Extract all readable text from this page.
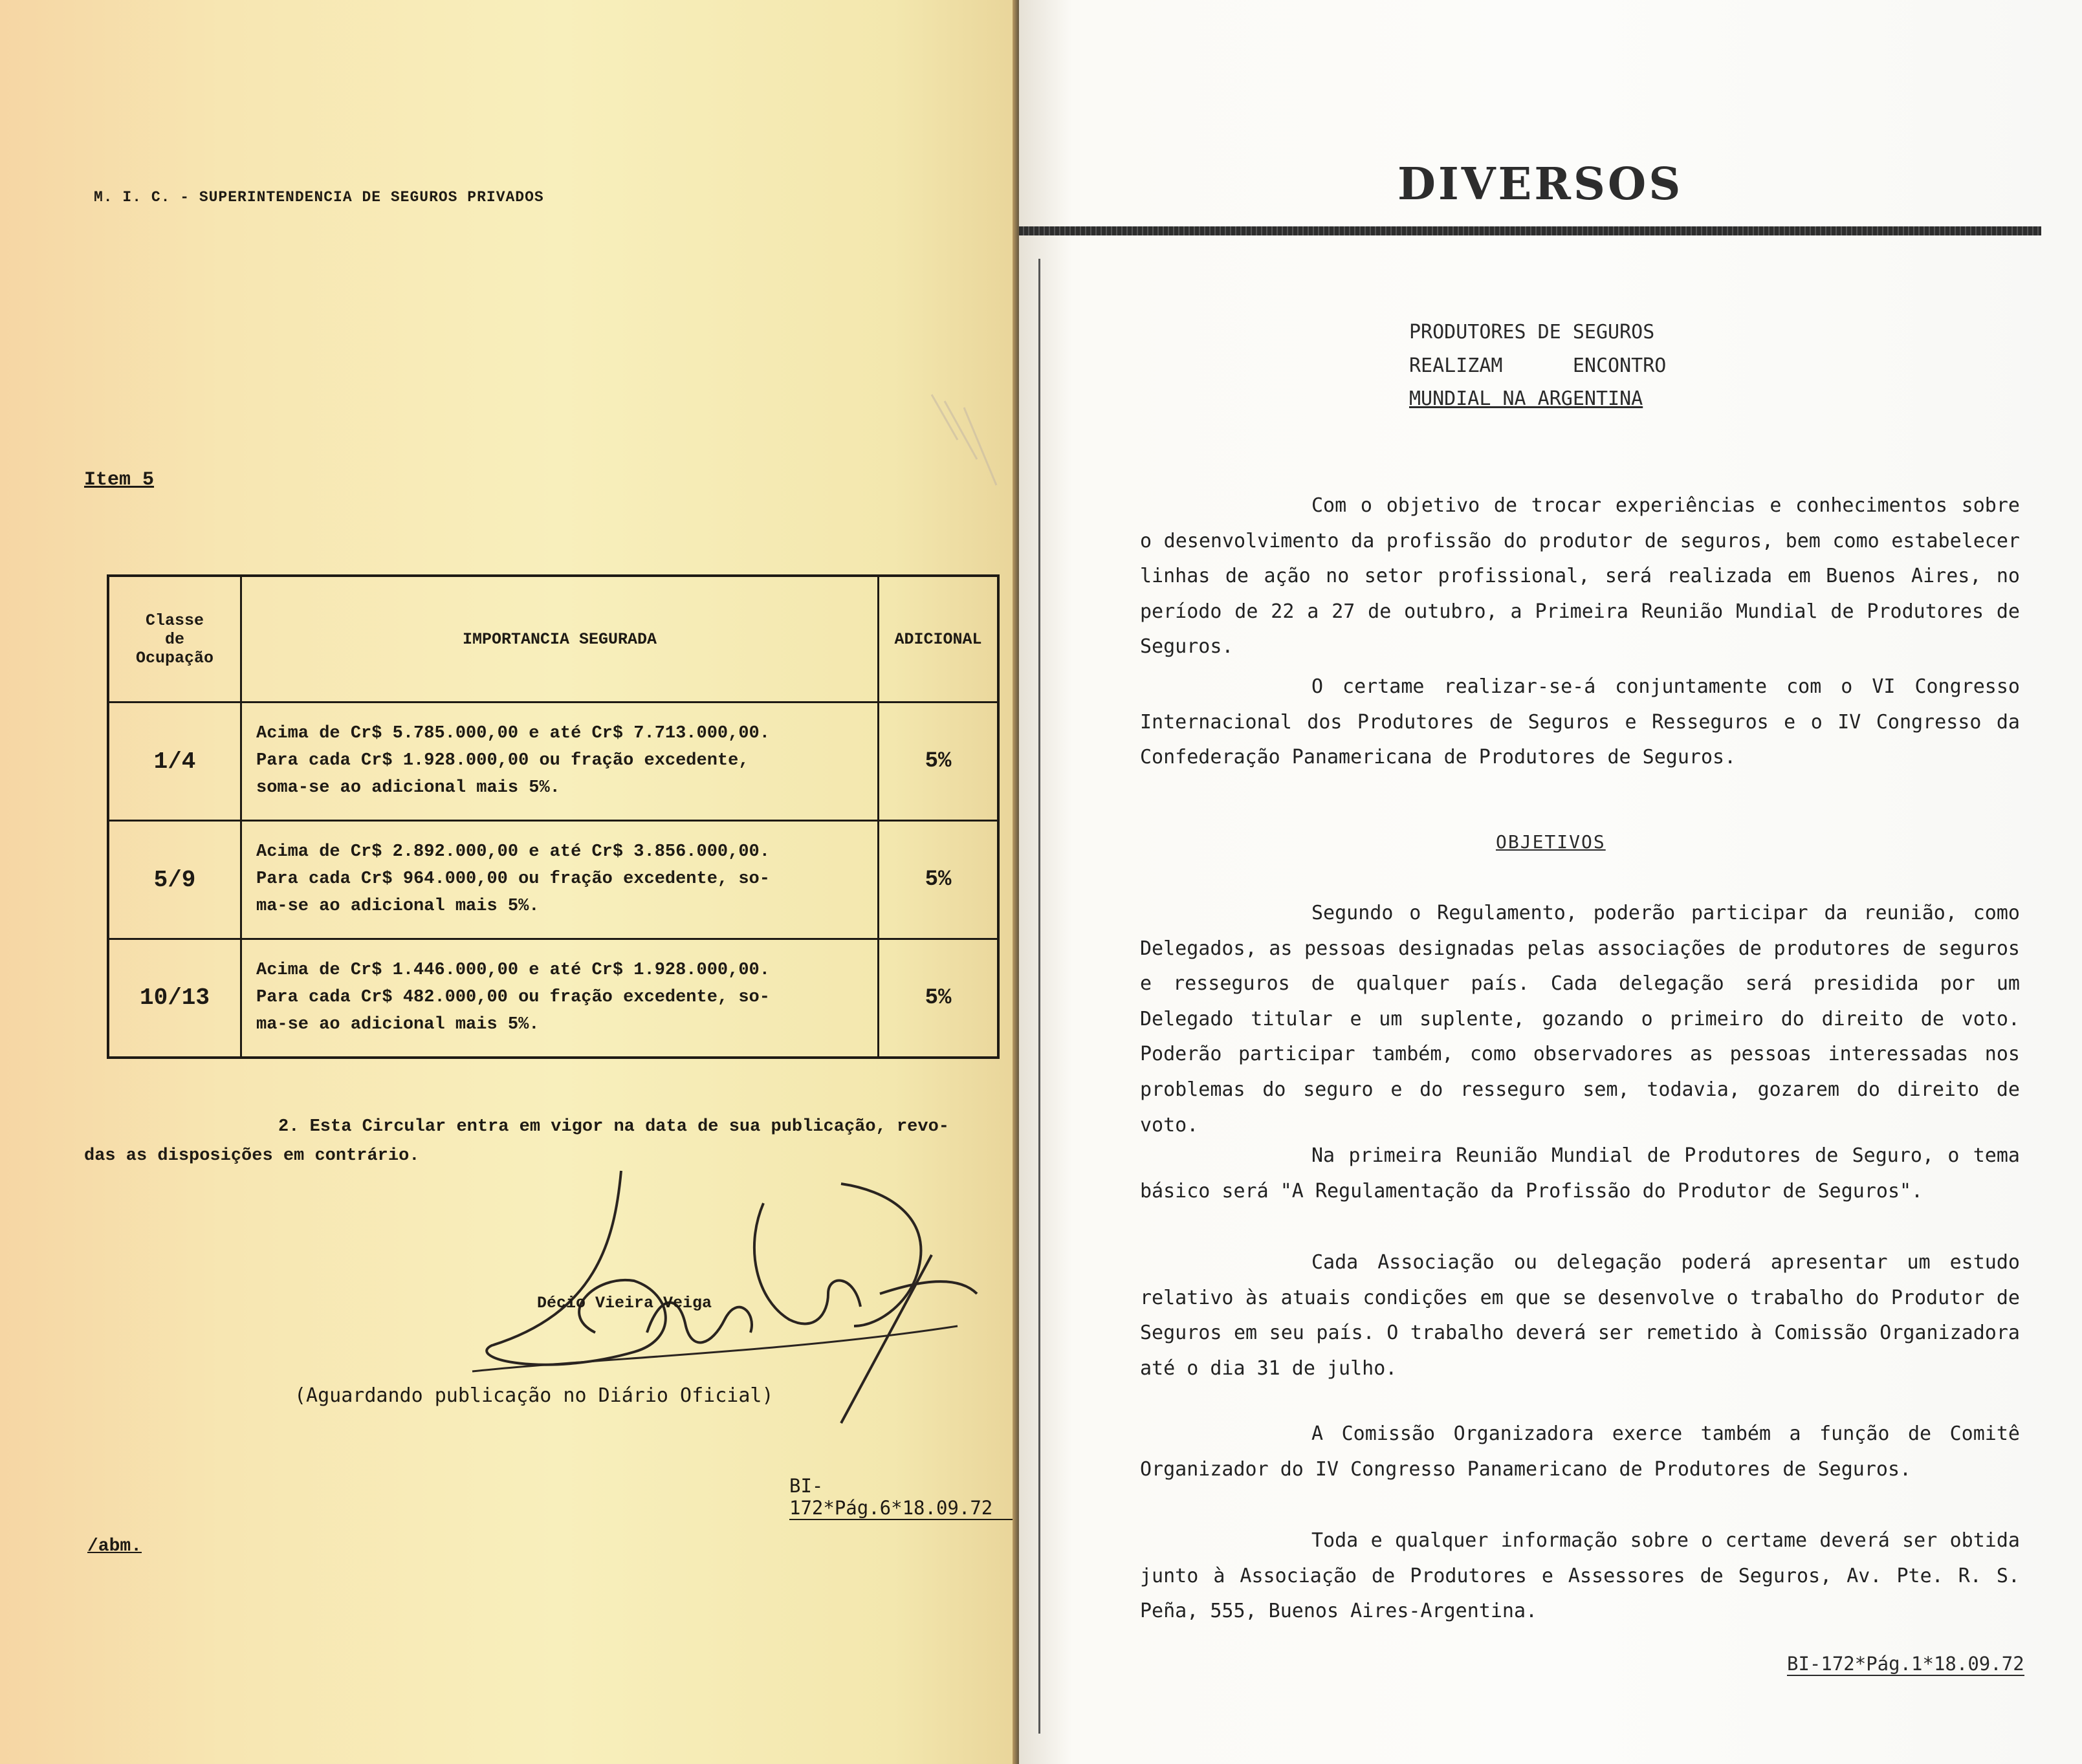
M. I. C. - SUPERINTENDENCIA DE SEGUROS PRIVADOS
Item 5
Classe
de
Ocupação	IMPORTANCIA SEGURADA	ADICIONAL
1/4	Acima de Cr$ 5.785.000,00 e até Cr$ 7.713.000,00.
Para cada Cr$ 1.928.000,00 ou fração excedente,
soma-se ao adicional mais 5%.	5%
5/9	Acima de Cr$ 2.892.000,00 e até Cr$ 3.856.000,00.
Para cada Cr$ 964.000,00 ou fração excedente, so-
ma-se ao adicional mais 5%.	5%
10/13	Acima de Cr$ 1.446.000,00 e até Cr$ 1.928.000,00.
Para cada Cr$ 482.000,00 ou fração excedente, so-
ma-se ao adicional mais 5%.	5%
2. Esta Circular entra em vigor na data de sua publicação, revo-
das as disposições em contrário.
Décio Vieira Veiga
(Aguardando publicação no Diário Oficial)
BI-172*Pág.6*18.09.72
/abm.
DIVERSOS
PRODUTORES DE SEGUROS
REALIZAM      ENCONTRO
MUNDIAL NA ARGENTINA
Com o objetivo de trocar experiências e conhecimentos sobre o desenvolvimento da profissão do produtor de seguros, bem como estabelecer linhas de ação no setor profissional, será realizada em Buenos Aires, no período de 22 a 27 de outubro, a Primeira Reunião Mundial de Produtores de Seguros.
O certame realizar-se-á conjuntamente com o VI Congresso Internacional dos Produtores de Seguros e Resseguros e o IV Congresso da Confederação Panamericana de Produtores de Seguros.
OBJETIVOS
Segundo o Regulamento, poderão participar da reunião, como Delegados, as pessoas designadas pelas associações de produtores de seguros e resseguros de qualquer país. Cada delegação será presidida por um Delegado titular e um suplente, gozando o primeiro do direito de voto. Poderão participar também, como observadores as pessoas interessadas nos problemas do seguro e do resseguro sem, todavia, gozarem do direito de voto.
Na primeira Reunião Mundial de Produtores de Seguro, o tema básico será "A Regulamentação da Profissão do Produtor de Seguros".
Cada Associação ou delegação poderá apresentar um estudo relativo às atuais condições em que se desenvolve o trabalho do Produtor de Seguros em seu país. O trabalho deverá ser remetido à Comissão Organizadora até o dia 31 de julho.
A Comissão Organizadora exerce também a função de Comitê Organizador do IV Congresso Panamericano de Produtores de Seguros.
Toda e qualquer informação sobre o certame deverá ser obtida junto à Associação de Produtores e Assessores de Seguros, Av. Pte. R. S. Peña, 555, Buenos Aires-Argentina.
BI-172*Pág.1*18.09.72
